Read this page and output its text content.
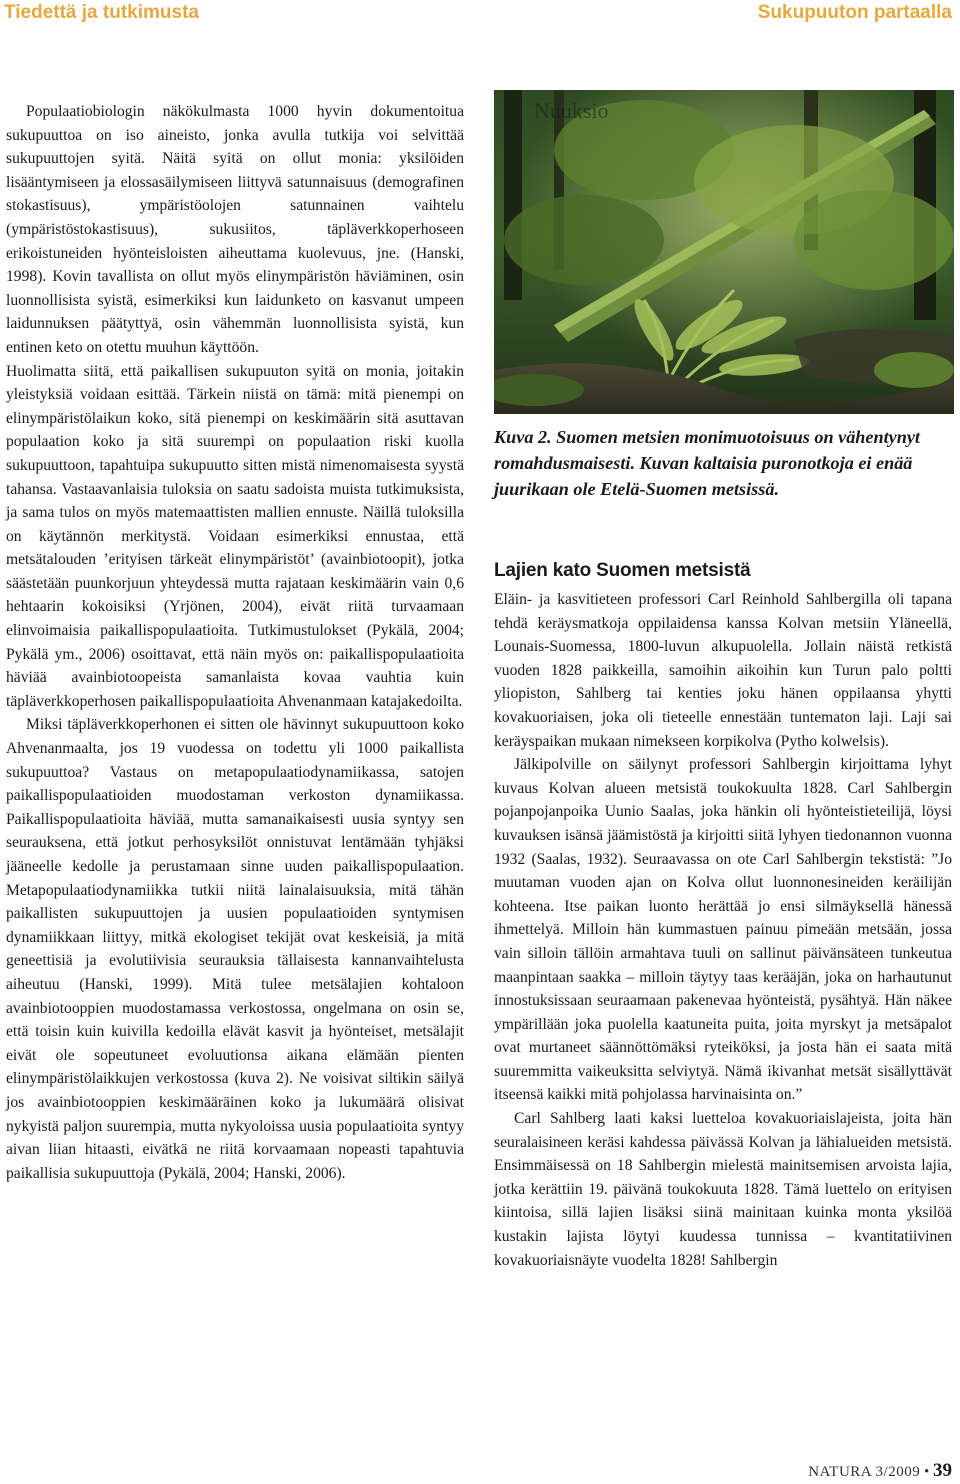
Tiedettä ja tutkimusta	Sukupuuton partaalla

Populaatiobiologin näkökulmasta 1000 hyvin dokumentoitua sukupuuttoa on iso aineisto, jonka avulla tutkija voi selvittää sukupuuttojen syitä. Näitä syitä on ollut monia: yksilöiden lisääntymiseen ja elossasäilymiseen liittyvä satunnaisuus (demografinen stokastisuus), ympäristöolojen satunnainen vaihtelu (ympäristöstokastisuus), sukusiitos, täpläverkkoperhoseen erikoistuneiden hyönteisloisten aiheuttama kuolevuus, jne. (Hanski, 1998). Kovin tavallista on ollut myös elinympäristön häviäminen, osin luonnollisista syistä, esimerkiksi kun laidunketo on kasvanut umpeen laidunnuksen päätyttyä, osin vähemmän luonnollisista syistä, kun entinen keto on otettu muuhun käyttöön.

Huolimatta siitä, että paikallisen sukupuuton syitä on monia, joitakin yleistyksiä voidaan esittää. Tärkein niistä on tämä: mitä pienempi on elinympäristölaikun koko, sitä pienempi on keskimäärin sitä asuttavan populaation koko ja sitä suurempi on populaation riski kuolla sukupuuttoon, tapahtuipa sukupuutto sitten mistä nimenomaisesta syystä tahansa. Vastaavanlaisia tuloksia on saatu sadoista muista tutkimuksista, ja sama tulos on myös matemaattisten mallien ennuste. Näillä tuloksilla on käytännön merkitystä. Voidaan esimerkiksi ennustaa, että metsätalouden ’erityisen tärkeät elinympäristöt’ (avainbiotoopit), jotka säästetään puunkorjuun yhteydessä mutta rajataan keskimäärin vain 0,6 hehtaarin kokoisiksi (Yrjönen, 2004), eivät riitä turvaamaan elinvoimaisia paikallispopulaatioita. Tutkimustulokset (Pykälä, 2004; Pykälä ym., 2006) osoittavat, että näin myös on: paikallispopulaatioita häviää avainbiotoopeista samanlaista kovaa vauhtia kuin täpläverkkoperhosen paikallispopulaatioita Ahvenanmaan katajakedoilta.

Miksi täpläverkkoperhonen ei sitten ole hävinnyt sukupuuttoon koko Ahvenanmaalta, jos 19 vuodessa on todettu yli 1000 paikallista sukupuuttoa? Vastaus on metapopulaatiodynamiikassa, satojen paikallispopulaatioiden muodostaman verkoston dynamiikassa. Paikallispopulaatioita häviää, mutta samanaikaisesti uusia syntyy sen seurauksena, että jotkut perhosyksilöt onnistuvat lentämään tyhjäksi jääneelle kedolle ja perustamaan sinne uuden paikallispopulaation. Metapopulaatiodynamiikka tutkii niitä lainalaisuuksia, mitä tähän paikallisten sukupuuttojen ja uusien populaatioiden syntymisen dynamiikkaan liittyy, mitkä ekologiset tekijät ovat keskeisiä, ja mitä geneettisiä ja evolutiivisia seurauksia tällaisesta kannanvaihtelusta aiheutuu (Hanski, 1999). Mitä tulee metsälajien kohtaloon avainbiotooppien muodostamassa verkostossa, ongelmana on osin se, että toisin kuin kuivilla kedoilla elävät kasvit ja hyönteiset, metsälajit eivät ole sopeutuneet evoluutionsa aikana elämään pienten elinympäristölaikkujen verkostossa (kuva 2). Ne voisivat siltikin säilyä jos avainbiotooppien keskimääräinen koko ja lukumäärä olisivat nykyistä paljon suurempia, mutta nykyoloissa uusia populaatioita syntyy aivan liian hitaasti, eivätkä ne riitä korvaamaan nopeasti tapahtuvia paikallisia sukupuuttoja (Pykälä, 2004; Hanski, 2006).

Nuuksio
Kuva 2. Suomen metsien monimuotoisuus on vähentynyt romahdusmaisesti. Kuvan kaltaisia puronotkoja ei enää juurikaan ole Etelä-Suomen metsissä.
Lajien kato Suomen metsistä

Eläin- ja kasvitieteen professori Carl Reinhold Sahlbergilla oli tapana tehdä keräysmatkoja oppilaidensa kanssa Kolvan metsiin Yläneellä, Lounais-Suomessa, 1800-luvun alkupuolella. Jollain näistä retkistä vuoden 1828 paikkeilla, samoihin aikoihin kun Turun palo poltti yliopiston, Sahlberg tai kenties joku hänen oppilaansa yhytti kovakuoriaisen, joka oli tieteelle ennestään tuntematon laji. Laji sai keräyspaikan mukaan nimekseen korpikolva (Pytho kolwelsis).

Jälkipolville on säilynyt professori Sahlbergin kirjoittama lyhyt kuvaus Kolvan alueen metsistä toukokuulta 1828. Carl Sahlbergin pojanpojanpoika Uunio Saalas, joka hänkin oli hyönteistieteilijä, löysi kuvauksen isänsä jäämistöstä ja kirjoitti siitä lyhyen tiedonannon vuonna 1932 (Saalas, 1932). Seuraavassa on ote Carl Sahlbergin tekstistä: ”Jo muutaman vuoden ajan on Kolva ollut luonnonesineiden keräilijän kohteena. Itse paikan luonto herättää jo ensi silmäyksellä hänessä ihmettelyä. Milloin hän kummastuen painuu pimeään metsään, jossa vain silloin tällöin armahtava tuuli on sallinut päivänsäteen tunkeutua maanpintaan saakka – milloin täytyy taas kerääjän, joka on harhautunut innostuksissaan seuraamaan pakenevaa hyönteistä, pysähtyä. Hän näkee ympärillään joka puolella kaatuneita puita, joita myrskyt ja metsäpalot ovat murtaneet säännöttömäksi ryteiköksi, ja josta hän ei saata mitä suuremmitta vaikeuksitta selviytyä. Nämä ikivanhat metsät sisällyttävät itseensä kaikki mitä pohjolassa harvinaisinta on.”

Carl Sahlberg laati kaksi luetteloa kovakuoriaislajeista, joita hän seuralaisineen keräsi kahdessa päivässä Kolvan ja lähialueiden metsistä. Ensimmäisessä on 18 Sahlbergin mielestä mainitsemisen arvoista lajia, jotka kerättiin 19. päivänä toukokuuta 1828. Tämä luettelo on erityisen kiintoisa, sillä lajien lisäksi siinä mainitaan kuinka monta yksilöä kustakin lajista löytyi kuudessa tunnissa – kvantitatiivinen kovakuoriaisnäyte vuodelta 1828! Sahlbergin

NATURA 3/2009 • 39
